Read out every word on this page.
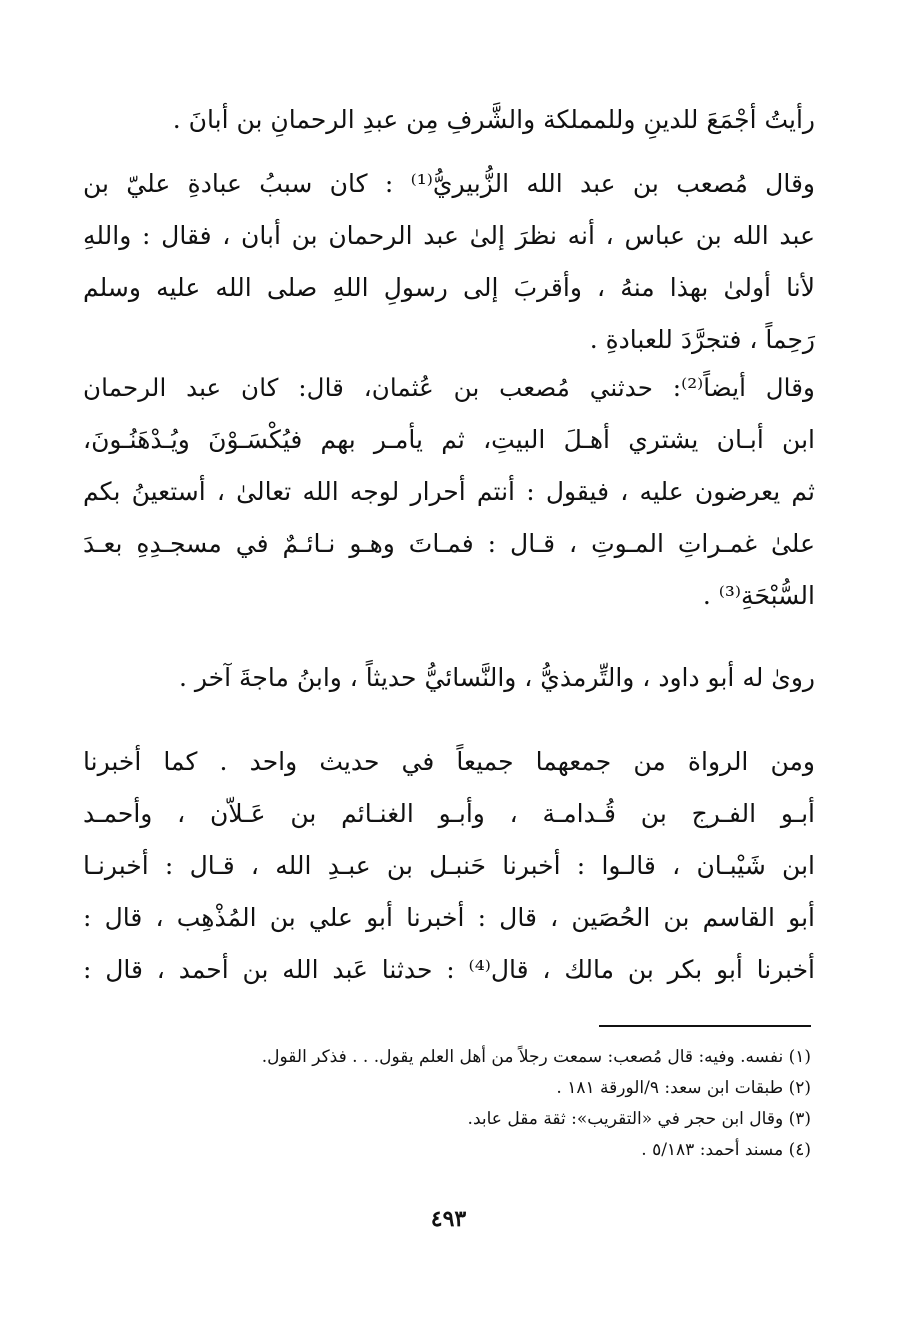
رأيتُ أجْمَعَ للدينِ وللمملكة والشَّرفِ مِن عبدِ الرحمانِ بن أبانَ .
وقال مُصعب بن عبد الله الزُّبيريُّ⁽¹⁾ : كان سببُ عبادةِ عليّ بن
عبد الله بن عباس ، أنه نظرَ إلىٰ عبد الرحمان بن أبان ، فقال : واللهِ
لأنا أولىٰ بهذا منهُ ، وأقربَ إلى رسولِ اللهِ صلى الله عليه وسلم
رَحِماً ، فتجرَّدَ للعبادةِ .
وقال أيضاً⁽²⁾: حدثني مُصعب بن عُثمان، قال: كان عبد الرحمان
ابن أبـان يشتري أهـلَ البيتِ، ثم يأمـر بهم فيُكْسَـوْنَ ويُـدْهَنُـونَ،
ثم يعرضون عليه ، فيقول : أنتم أحرار لوجه الله تعالىٰ ، أستعينُ بكم
علىٰ غمـراتِ المـوتِ ، قـال : فمـاتَ وهـو نـائـمٌ في مسجـدِهِ بعـدَ
السُّبْحَةِ⁽³⁾ .
روىٰ له أبو داود ، والتِّرمذيُّ ، والنَّسائيُّ حديثاً ، وابنُ ماجةَ آخر .
ومن الرواة من جمعهما جميعاً في حديث واحد . كما أخبرنا
أبـو الفـرج بن قُـدامـة ، وأبـو الغنـائم بن عَـلاّن ، وأحمـد
ابن شَيْبـان ، قالـوا : أخبرنا حَنبـل بن عبـدِ الله ، قـال : أخبرنـا
أبو القاسم بن الحُصَين ، قال : أخبرنا أبو علي بن المُذْهِب ، قال :
أخبرنا أبو بكر بن مالك ، قال⁽⁴⁾ : حدثنا عَبد الله بن أحمد ، قال :
(١) نفسه. وفيه: قال مُصعب: سمعت رجلاً من أهل العلم يقول. . . فذكر القول.
(٢) طبقات ابن سعد: ٩/الورقة ١٨١ .
(٣) وقال ابن حجر في «التقريب»: ثقة مقل عابد.
(٤) مسند أحمد: ٥/١٨٣ .
٤٩٣
